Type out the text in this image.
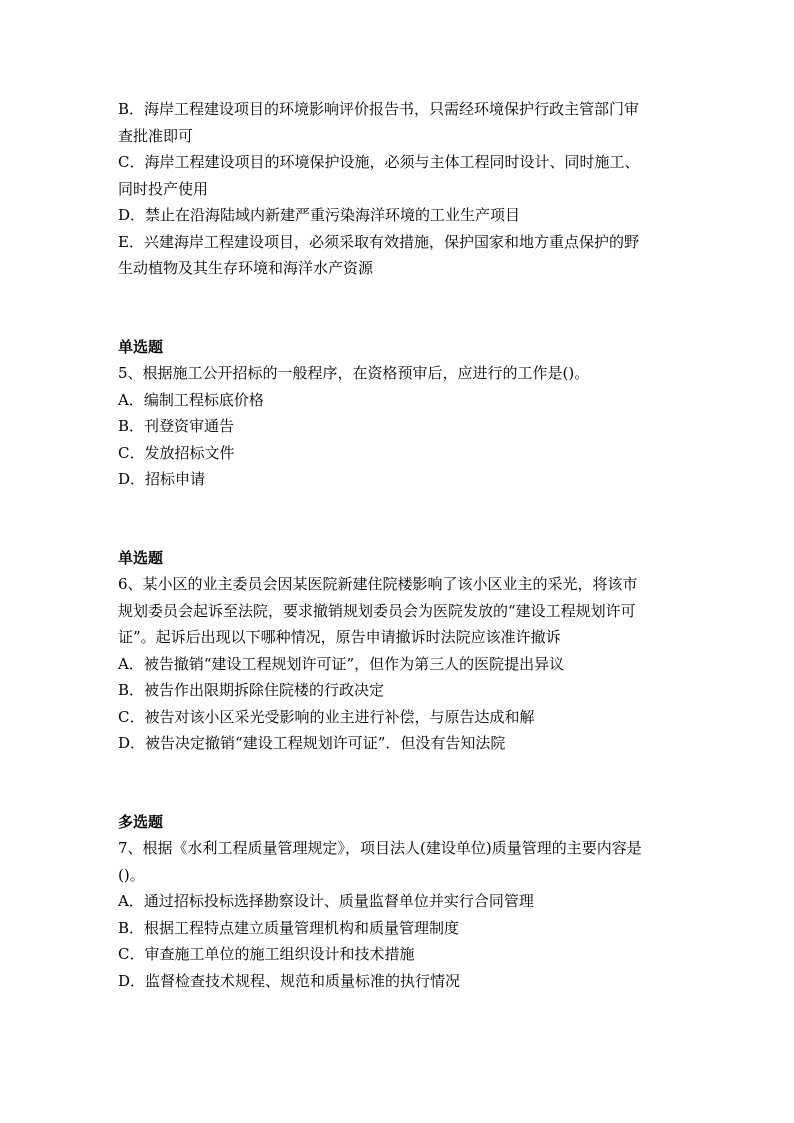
B．海岸工程建设项目的环境影响评价报告书，只需经环境保护行政主管部门审

查批准即可

C．海岸工程建设项目的环境保护设施，必须与主体工程同时设计、同时施工、

同时投产使用

D．禁止在沿海陆域内新建严重污染海洋环境的工业生产项目

E．兴建海岸工程建设项目，必须采取有效措施，保护国家和地方重点保护的野

生动植物及其生存环境和海洋水产资源

单选题

5、根据施工公开招标的一般程序，在资格预审后，应进行的工作是()。

A．编制工程标底价格

B．刊登资审通告

C．发放招标文件

D．招标申请

单选题

6、某小区的业主委员会因某医院新建住院楼影响了该小区业主的采光，将该市

规划委员会起诉至法院，要求撤销规划委员会为医院发放的“建设工程规划许可

证”。起诉后出现以下哪种情况，原告申请撤诉时法院应该准许撤诉

A．被告撤销“建设工程规划许可证”，但作为第三人的医院提出异议

B．被告作出限期拆除住院楼的行政决定

C．被告对该小区采光受影响的业主进行补偿，与原告达成和解

D．被告决定撤销“建设工程规划许可证”．但没有告知法院

多选题

7、根据《水利工程质量管理规定》，项目法人(建设单位)质量管理的主要内容是

()。

A．通过招标投标选择勘察设计、质量监督单位并实行合同管理

B．根据工程特点建立质量管理机构和质量管理制度

C．审查施工单位的施工组织设计和技术措施

D．监督检查技术规程、规范和质量标准的执行情况
